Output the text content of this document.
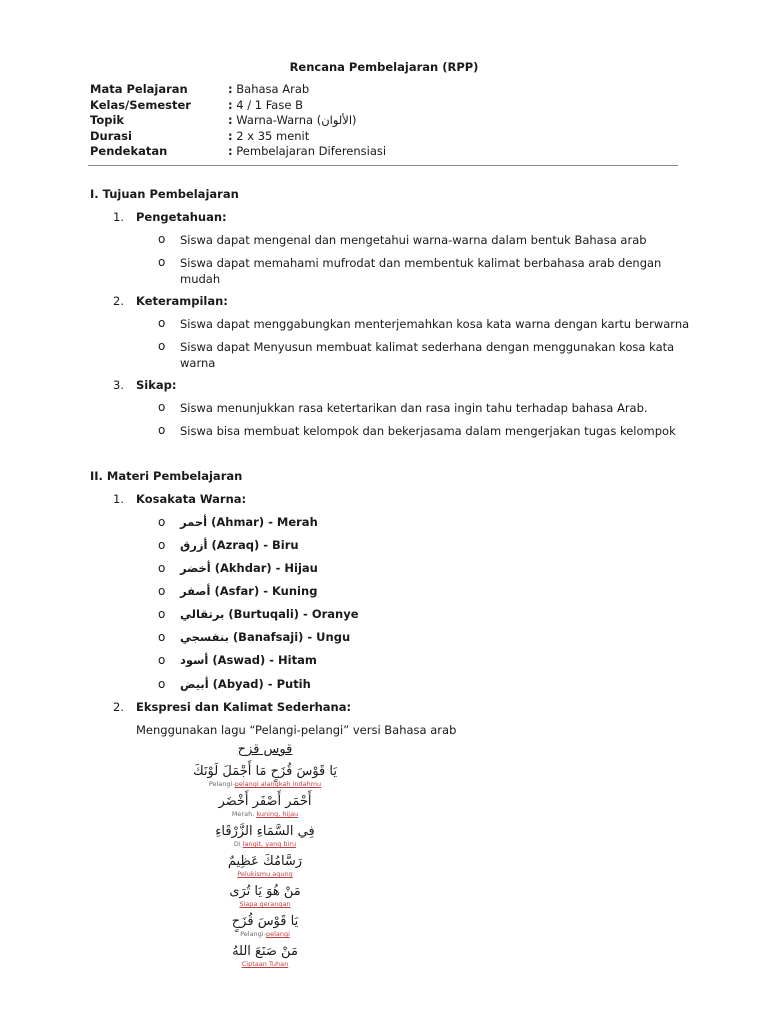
Rencana Pembelajaran (RPP)
Mata Pelajaran	: Bahasa Arab
Kelas/Semester	: 4 / 1 Fase B
Topik	: Warna-Warna (الألوان)
Durasi	: 2 x 35 menit
Pendekatan	: Pembelajaran Diferensiasi
I. Tujuan Pembelajaran
1. Pengetahuan:
o Siswa dapat mengenal dan mengetahui warna-warna dalam bentuk Bahasa arab
o Siswa dapat memahami mufrodat dan membentuk kalimat berbahasa arab dengan mudah
2. Keterampilan:
o Siswa dapat menggabungkan menterjemahkan kosa kata warna dengan kartu berwarna
o Siswa dapat Menyusun membuat kalimat sederhana dengan menggunakan kosa kata warna
3. Sikap:
o Siswa menunjukkan rasa ketertarikan dan rasa ingin tahu terhadap bahasa Arab.
o Siswa bisa membuat kelompok dan bekerjasama dalam mengerjakan tugas kelompok
II. Materi Pembelajaran
1. Kosakata Warna:
o أحمر (Ahmar) - Merah
o أزرق (Azraq) - Biru
o أخضر (Akhdar) - Hijau
o أصفر (Asfar) - Kuning
o برتقالي (Burtuqali) - Oranye
o بنفسجي (Banafsaji) - Ungu
o أسود (Aswad) - Hitam
o أبيض (Abyad) - Putih
2. Ekspresi dan Kalimat Sederhana:
Menggunakan lagu “Pelangi-pelangi” versi Bahasa arab
قوس قزح
يَا قَوْسَ قُزَحٍ مَا أَجْمَلَ لَوْنَكَ
Pelangi-pelangi alangkah indahmu
أَحْمَر أَصْفَر أَخْضَر
Merah, kuning, hijau
فِي السَّمَاءِ الزَّرْقَاءِ
Di langit, yang biru
رَسَّامُكَ عَظِيمٌ
Pelukismu agung
مَنْ هُوَ يَا تُرَى
Siapa gerangan
يَا قَوْسَ قُزَحٍ
Pelangi-pelangi
مَنْ صَنَعَ اللهُ
Ciptaan Tuhan
